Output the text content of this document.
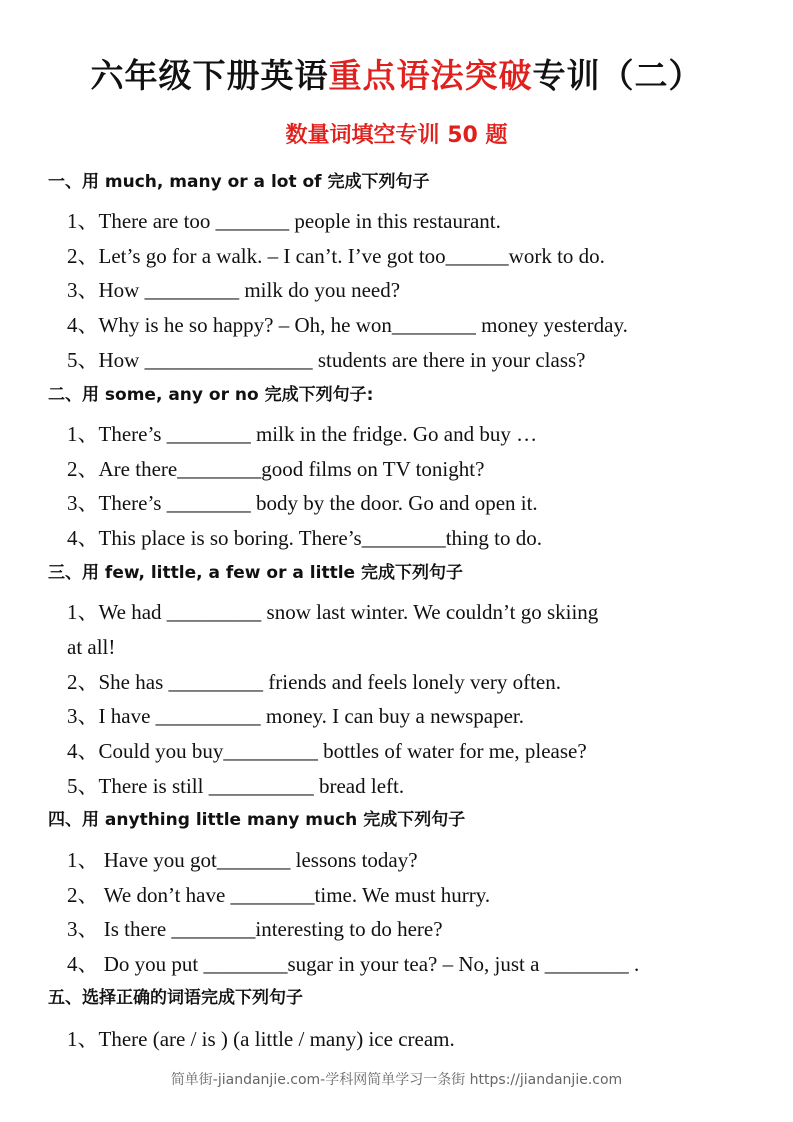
六年级下册英语重点语法突破专训（二）
数量词填空专训 50 题
一、用 much, many or a lot of 完成下列句子
1、There are too _______ people in this restaurant.
2、Let’s go for a walk. – I can’t. I’ve got too______work to do.
3、How _________ milk do you need?
4、Why is he so happy? – Oh, he won________ money yesterday.
5、How ________________ students are there in your class?
二、用 some, any or no 完成下列句子:
1、There’s ________ milk in the fridge. Go and buy …
2、Are there________good films on TV tonight?
3、There’s ________ body by the door. Go and open it.
4、This place is so boring. There’s________thing to do.
三、用 few, little, a few or a little 完成下列句子
1、We had _________ snow last winter. We couldn’t go skiing
at all!
2、She has _________ friends and feels lonely very often.
3、I have __________ money. I can buy a newspaper.
4、Could you buy_________ bottles of water for me, please?
5、There is still __________ bread left.
四、用 anything little many much 完成下列句子
1、 Have you got_______ lessons today?
2、 We don’t have ________time. We must hurry.
3、 Is there ________interesting to do here?
4、 Do you put ________sugar in your tea? – No, just a ________ .
五、选择正确的词语完成下列句子
1、There (are / is ) (a little / many) ice cream.
简单街-jiandanjie.com-学科网简单学习一条街 https://jiandanjie.com
